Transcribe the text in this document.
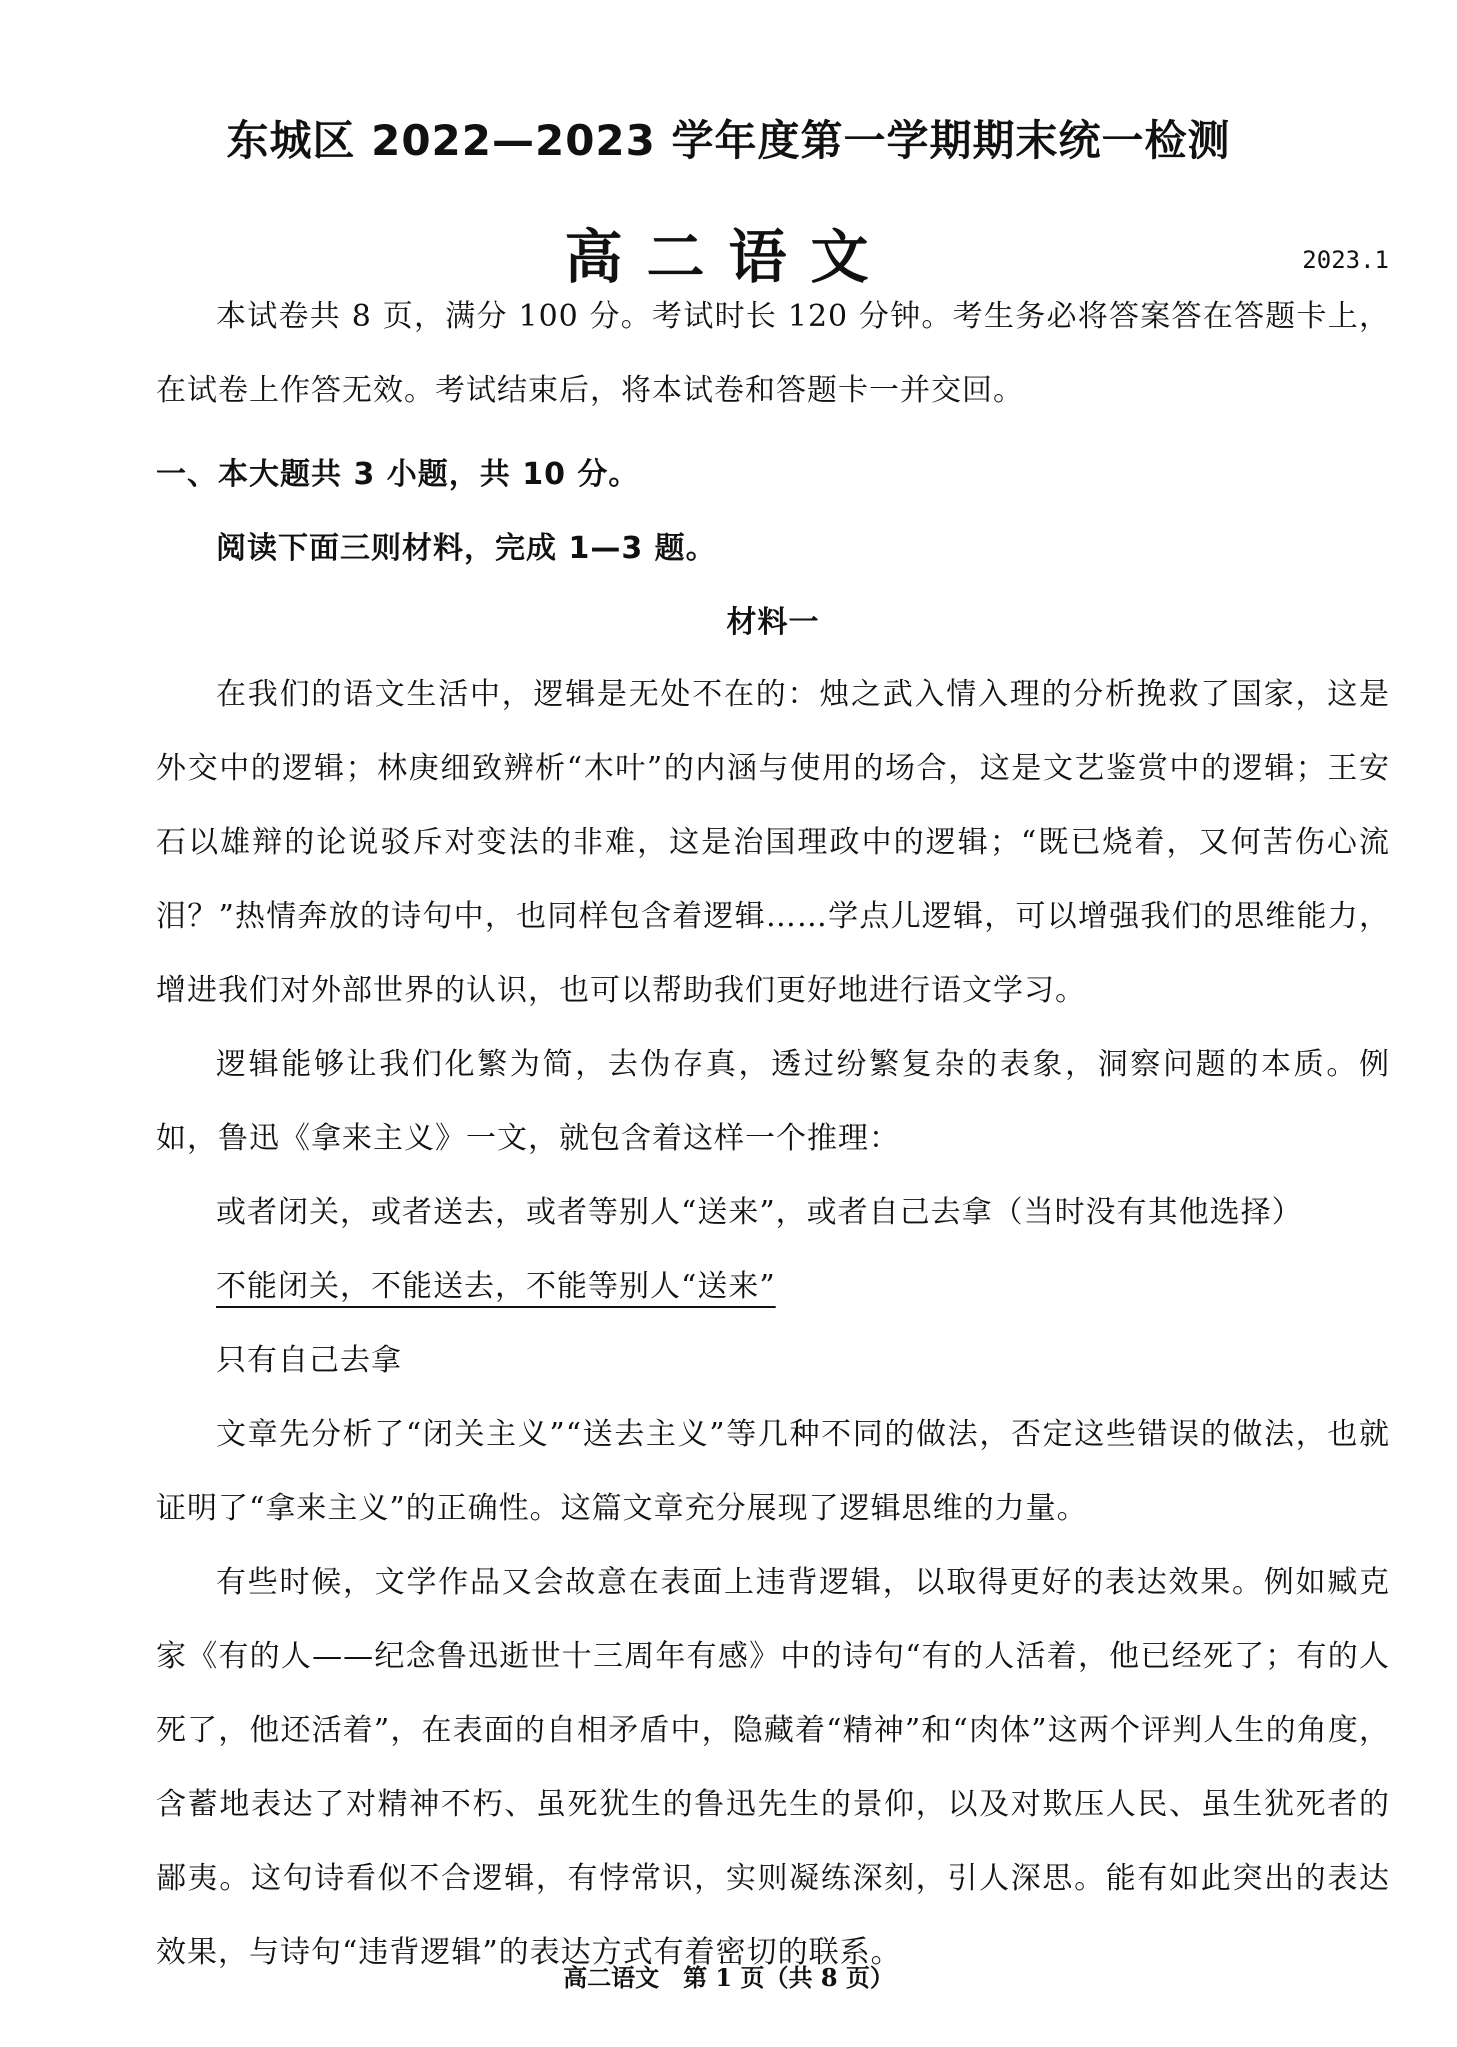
东城区 2022—2023 学年度第一学期期末统一检测
高二语文	2023.1

本试卷共 8 页，满分 100 分。考试时长 120 分钟。考生务必将答案答在答题卡上，在试卷上作答无效。考试结束后，将本试卷和答题卡一并交回。

一、本大题共 3 小题，共 10 分。

阅读下面三则材料，完成 1—3 题。

材料一

在我们的语文生活中，逻辑是无处不在的：烛之武入情入理的分析挽救了国家，这是外交中的逻辑；林庚细致辨析“木叶”的内涵与使用的场合，这是文艺鉴赏中的逻辑；王安石以雄辩的论说驳斥对变法的非难，这是治国理政中的逻辑；“既已烧着，又何苦伤心流泪？”热情奔放的诗句中，也同样包含着逻辑……学点儿逻辑，可以增强我们的思维能力，增进我们对外部世界的认识，也可以帮助我们更好地进行语文学习。

逻辑能够让我们化繁为简，去伪存真，透过纷繁复杂的表象，洞察问题的本质。例如，鲁迅《拿来主义》一文，就包含着这样一个推理：

或者闭关，或者送去，或者等别人“送来”，或者自己去拿（当时没有其他选择）

不能闭关，不能送去，不能等别人“送来”

只有自己去拿

文章先分析了“闭关主义”“送去主义”等几种不同的做法，否定这些错误的做法，也就证明了“拿来主义”的正确性。这篇文章充分展现了逻辑思维的力量。

有些时候，文学作品又会故意在表面上违背逻辑，以取得更好的表达效果。例如臧克家《有的人——纪念鲁迅逝世十三周年有感》中的诗句“有的人活着，他已经死了；有的人死了，他还活着”，在表面的自相矛盾中，隐藏着“精神”和“肉体”这两个评判人生的角度，含蓄地表达了对精神不朽、虽死犹生的鲁迅先生的景仰，以及对欺压人民、虽生犹死者的鄙夷。这句诗看似不合逻辑，有悖常识，实则凝练深刻，引人深思。能有如此突出的表达效果，与诗句“违背逻辑”的表达方式有着密切的联系。

高二语文　第 1 页（共 8 页）
